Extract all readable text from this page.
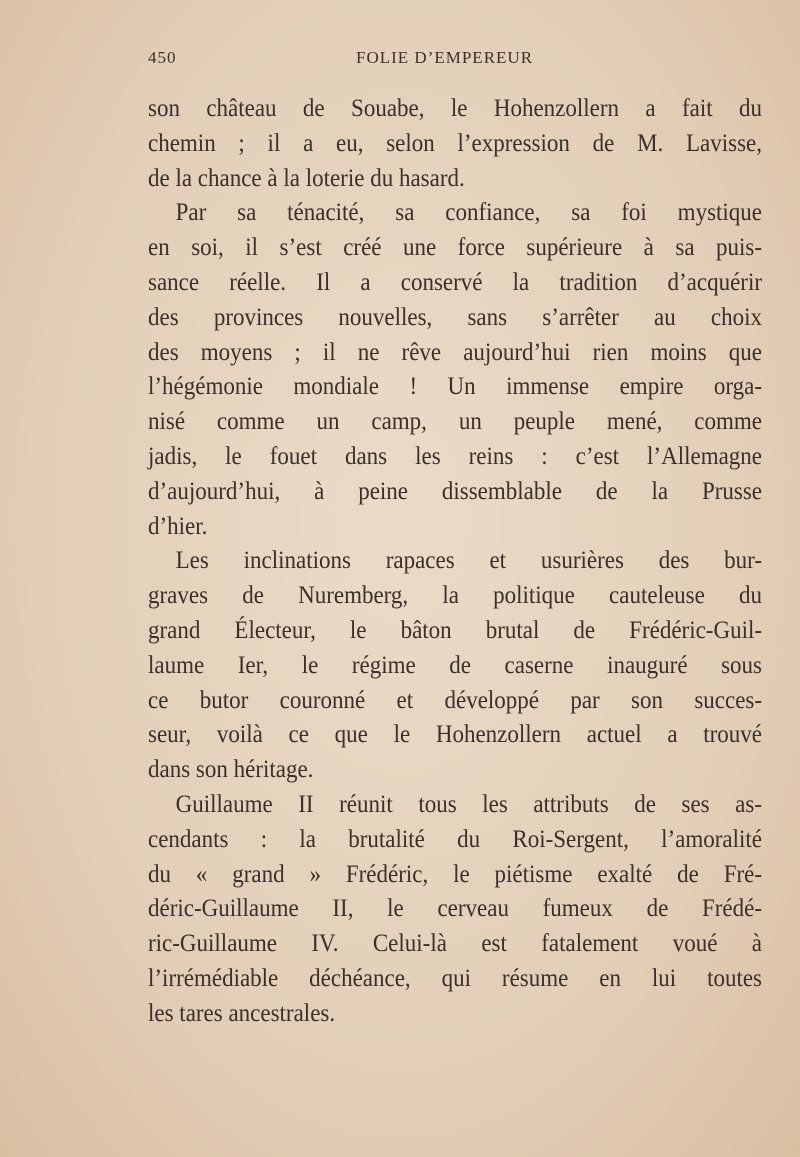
450	FOLIE D’EMPEREUR
son château de Souabe, le Hohenzollern a fait du
chemin ; il a eu, selon l’expression de M. Lavisse,
de la chance à la loterie du hasard.
Par sa ténacité, sa confiance, sa foi mystique
en soi, il s’est créé une force supérieure à sa puis-
sance réelle. Il a conservé la tradition d’acquérir
des provinces nouvelles, sans s’arrêter au choix
des moyens ; il ne rêve aujourd’hui rien moins que
l’hégémonie mondiale ! Un immense empire orga-
nisé comme un camp, un peuple mené, comme
jadis, le fouet dans les reins : c’est l’Allemagne
d’aujourd’hui, à peine dissemblable de la Prusse
d’hier.
Les inclinations rapaces et usurières des bur-
graves de Nuremberg, la politique cauteleuse du
grand Électeur, le bâton brutal de Frédéric-Guil-
laume Ier, le régime de caserne inauguré sous
ce butor couronné et développé par son succes-
seur, voilà ce que le Hohenzollern actuel a trouvé
dans son héritage.
Guillaume II réunit tous les attributs de ses as-
cendants : la brutalité du Roi-Sergent, l’amoralité
du « grand » Frédéric, le piétisme exalté de Fré-
déric-Guillaume II, le cerveau fumeux de Frédé-
ric-Guillaume IV. Celui-là est fatalement voué à
l’irrémédiable déchéance, qui résume en lui toutes
les tares ancestrales.
